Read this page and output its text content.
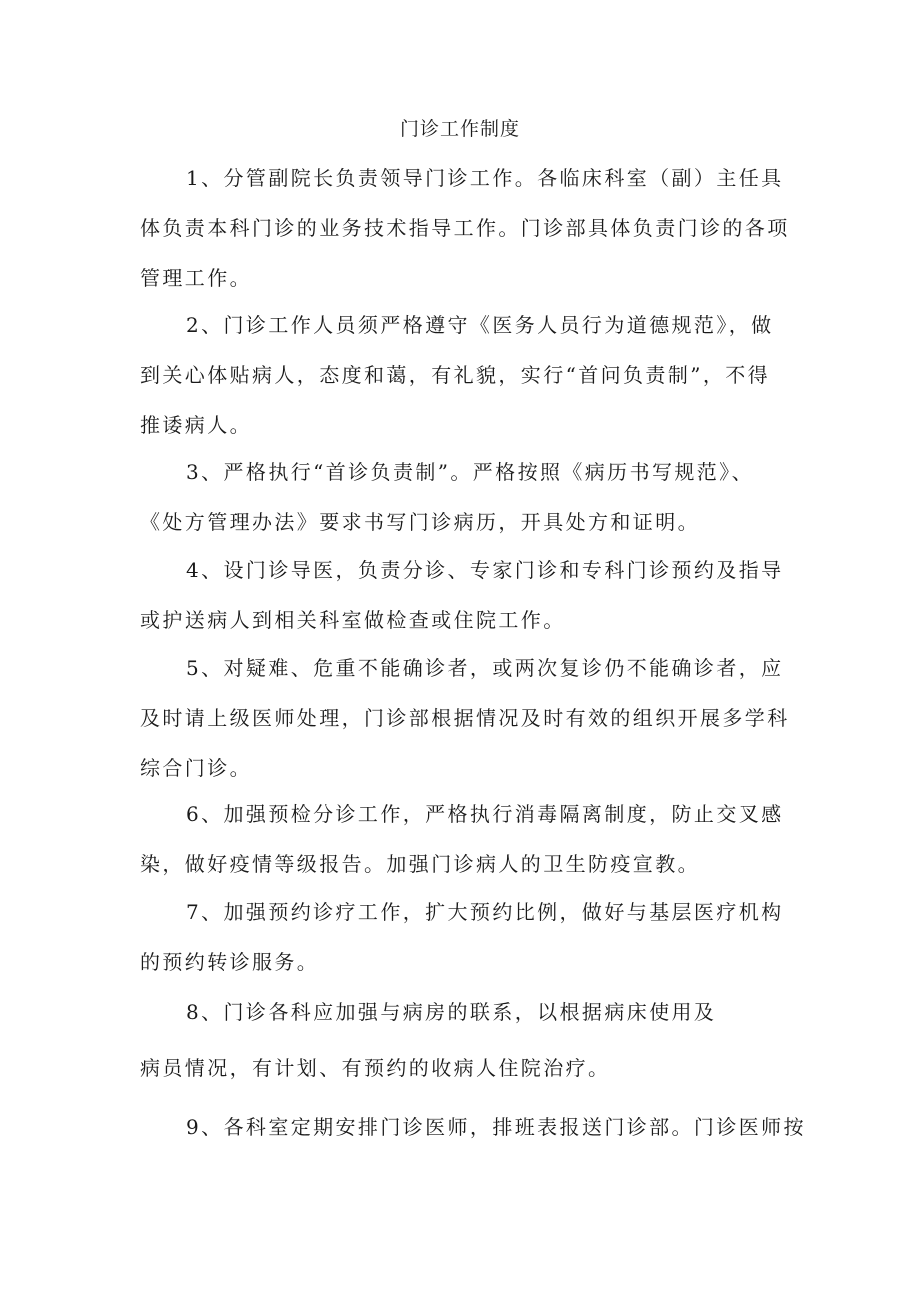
门诊工作制度
1、分管副院长负责领导门诊工作。各临床科室（副）主任具
体负责本科门诊的业务技术指导工作。门诊部具体负责门诊的各项
管理工作。
2、门诊工作人员须严格遵守《医务人员行为道德规范》，做
到关心体贴病人，态度和蔼，有礼貌，实行“首问负责制”，不得
推诿病人。
3、严格执行“首诊负责制”。严格按照《病历书写规范》、
《处方管理办法》要求书写门诊病历，开具处方和证明。
4、设门诊导医，负责分诊、专家门诊和专科门诊预约及指导
或护送病人到相关科室做检查或住院工作。
5、对疑难、危重不能确诊者，或两次复诊仍不能确诊者，应
及时请上级医师处理，门诊部根据情况及时有效的组织开展多学科
综合门诊。
6、加强预检分诊工作，严格执行消毒隔离制度，防止交叉感
染，做好疫情等级报告。加强门诊病人的卫生防疫宣教。
7、加强预约诊疗工作，扩大预约比例，做好与基层医疗机构
的预约转诊服务。
8、门诊各科应加强与病房的联系，以根据病床使用及
病员情况，有计划、有预约的收病人住院治疗。
9、各科室定期安排门诊医师，排班表报送门诊部。门诊医师按
